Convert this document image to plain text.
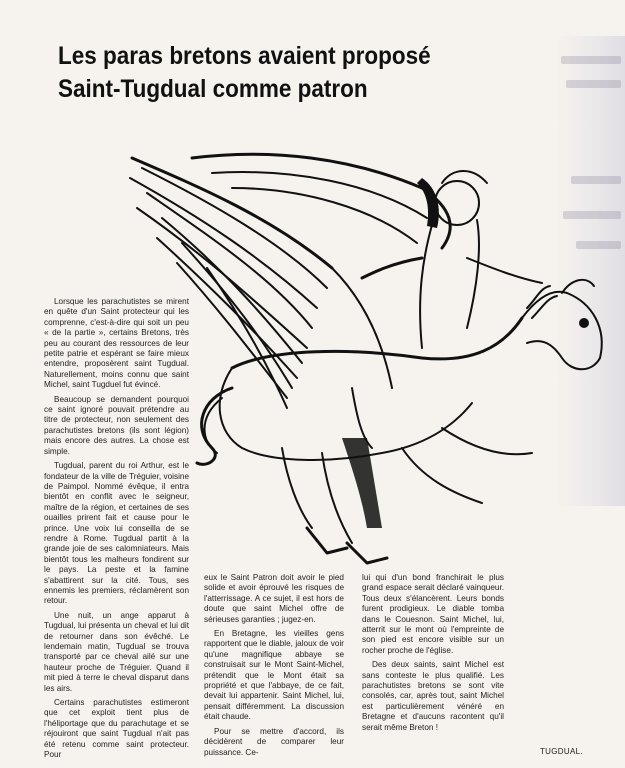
Les paras bretons avaient proposé
Saint-Tugdual comme patron

Lorsque les parachutistes se mirent en quête d'un Saint protecteur qui les comprenne, c'est-à-dire qui soit un peu « de la partie », certains Bretons, très peu au courant des ressources de leur petite patrie et espérant se faire mieux entendre, proposèrent saint Tugdual. Naturellement, moins connu que saint Michel, saint Tugduel fut évincé.

Beaucoup se demandent pourquoi ce saint ignoré pouvait prétendre au titre de protecteur, non seulement des parachutistes bretons (ils sont légion) mais encore des autres. La chose est simple.

Tugdual, parent du roi Arthur, est le fondateur de la ville de Tréguier, voisine de Paimpol. Nommé évêque, il entra bientôt en conflit avec le seigneur, maître de la région, et certaines de ses ouailles prirent fait et cause pour le prince. Une voix lui conseilla de se rendre à Rome. Tugdual partit à la grande joie de ses calomniateurs. Mais bientôt tous les malheurs fondirent sur le pays. La peste et la famine s'abattirent sur la cité. Tous, ses ennemis les premiers, réclamèrent son retour.

Une nuit, un ange apparut à Tugdual, lui présenta un cheval et lui dit de retourner dans son évêché. Le lendemain matin, Tugdual se trouva transporté par ce cheval ailé sur une hauteur proche de Tréguier. Quand il mit pied à terre le cheval disparut dans les airs.

Certains parachutistes estimeront que cet exploit tient plus de l'héliportage que du parachutage et se réjouiront que saint Tugdual n'ait pas été retenu comme saint protecteur. Pour

eux le Saint Patron doit avoir le pied solide et avoir éprouvé les risques de l'atterrissage. A ce sujet, il est hors de doute que saint Michel offre de sérieuses garanties ; jugez-en.

En Bretagne, les vieilles gens rapportent que le diable, jaloux de voir qu'une magnifique abbaye se construisait sur le Mont Saint-Michel, prétendit que le Mont était sa propriété et que l'abbaye, de ce fait, devait lui appartenir. Saint Michel, lui, pensait différemment. La discussion était chaude.

Pour se mettre d'accord, ils décidèrent de comparer leur puissance. Ce-

lui qui d'un bond franchirait le plus grand espace serait déclaré vainqueur. Tous deux s'élancèrent. Leurs bonds furent prodigieux. Le diable tomba dans le Couesnon. Saint Michel, lui, atterrit sur le mont où l'empreinte de son pied est encore visible sur un rocher proche de l'église.

Des deux saints, saint Michel est sans conteste le plus qualifié. Les parachutistes bretons se sont vite consolés, car, après tout, saint Michel est particulièrement vénéré en Bretagne et d'aucuns racontent qu'il serait même Breton !

TUGDUAL.
